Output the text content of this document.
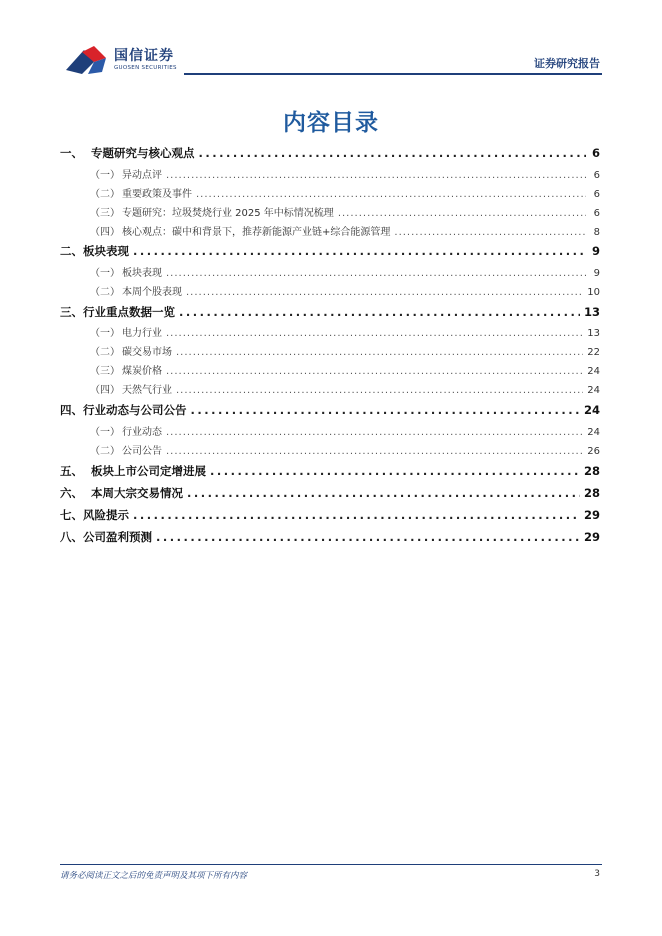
国信证券
GUOSEN SECURITIES	证券研究报告
内容目录
一、 专题研究与核心观点 .....	6
（一） 异动点评 .....	6
（二） 重要政策及事件 .....	6
（三） 专题研究：垃圾焚烧行业 2025 年中标情况梳理 .....	6
（四） 核心观点：碳中和背景下，推荐新能源产业链+综合能源管理 .....	8
二、 板块表现 .....	9
（一） 板块表现 .....	9
（二） 本周个股表现 .....	10
三、 行业重点数据一览 .....	13
（一） 电力行业 .....	13
（二） 碳交易市场 .....	22
（三） 煤炭价格 .....	24
（四） 天然气行业 .....	24
四、 行业动态与公司公告 .....	24
（一） 行业动态 .....	24
（二） 公司公告 .....	26
五、 板块上市公司定增进展 .....	28
六、 本周大宗交易情况 .....	28
七、 风险提示 .....	29
八、 公司盈利预测 .....	29
请务必阅读正文之后的免责声明及其项下所有内容	3
